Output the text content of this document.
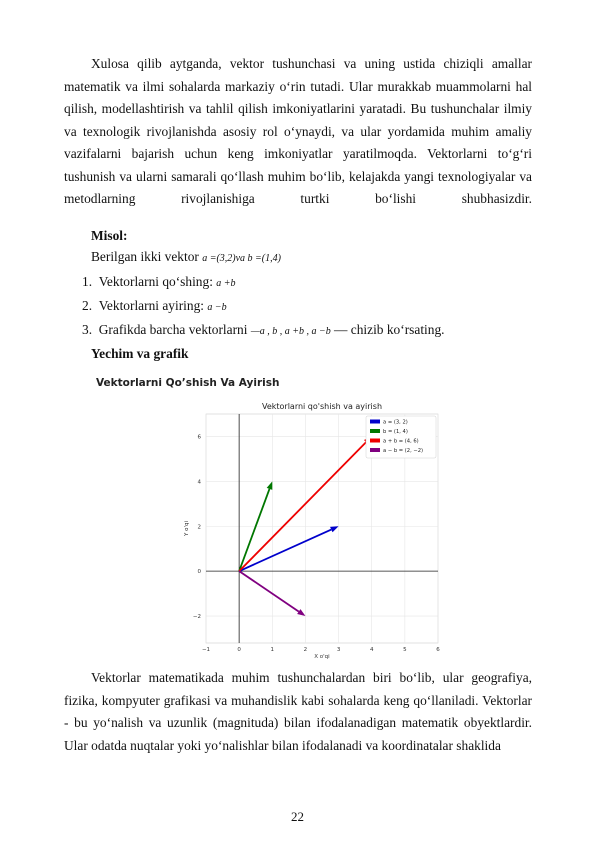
Xulosa qilib aytganda, vektor tushunchasi va uning ustida chiziqli amallar matematik va ilmi sohalarda markaziy o‘rin tutadi. Ular murakkab muammolarni hal qilish, modellashtirish va tahlil qilish imkoniyatlarini yaratadi. Bu tushunchalar ilmiy va texnologik rivojlanishda asosiy rol o‘ynaydi, va ular yordamida muhim amaliy vazifalarni bajarish uchun keng imkoniyatlar yaratilmoqda. Vektorlarni to‘g‘ri tushunish va ularni samarali qo‘llash muhim bo‘lib, kelajakda yangi texnologiyalar va metodlarning rivojlanishiga turtki bo‘lishi shubhasizdir.
Misol:
Berilgan ikki vektor a =(3,2)va b =(1,4)
1. Vektorlarni qo‘shing: a +b
2. Vektorlarni ayiring: a −b
3. Grafikda barcha vektorlarni —a , b , a +b , a −b — chizib ko‘rsating.
Yechim va grafik
Vektorlarni Qo’shish Va Ayirish
−1	0	1	2	3	4	5	6
−2
0
2
4
6
X o'qi
Y o'qi
Vektorlarni qo'shish va ayirish
a = (3, 2)
b = (1, 4)
a + b = (4, 6)
a − b = (2, −2)
Vektorlar matematikada muhim tushunchalardan biri bo‘lib, ular geografiya, fizika, kompyuter grafikasi va muhandislik kabi sohalarda keng qo‘llaniladi. Vektorlar - bu yo‘nalish va uzunlik (magnituda) bilan ifodalanadigan matematik obyektlardir. Ular odatda nuqtalar yoki yo‘nalishlar bilan ifodalanadi va koordinatalar shaklida
22
